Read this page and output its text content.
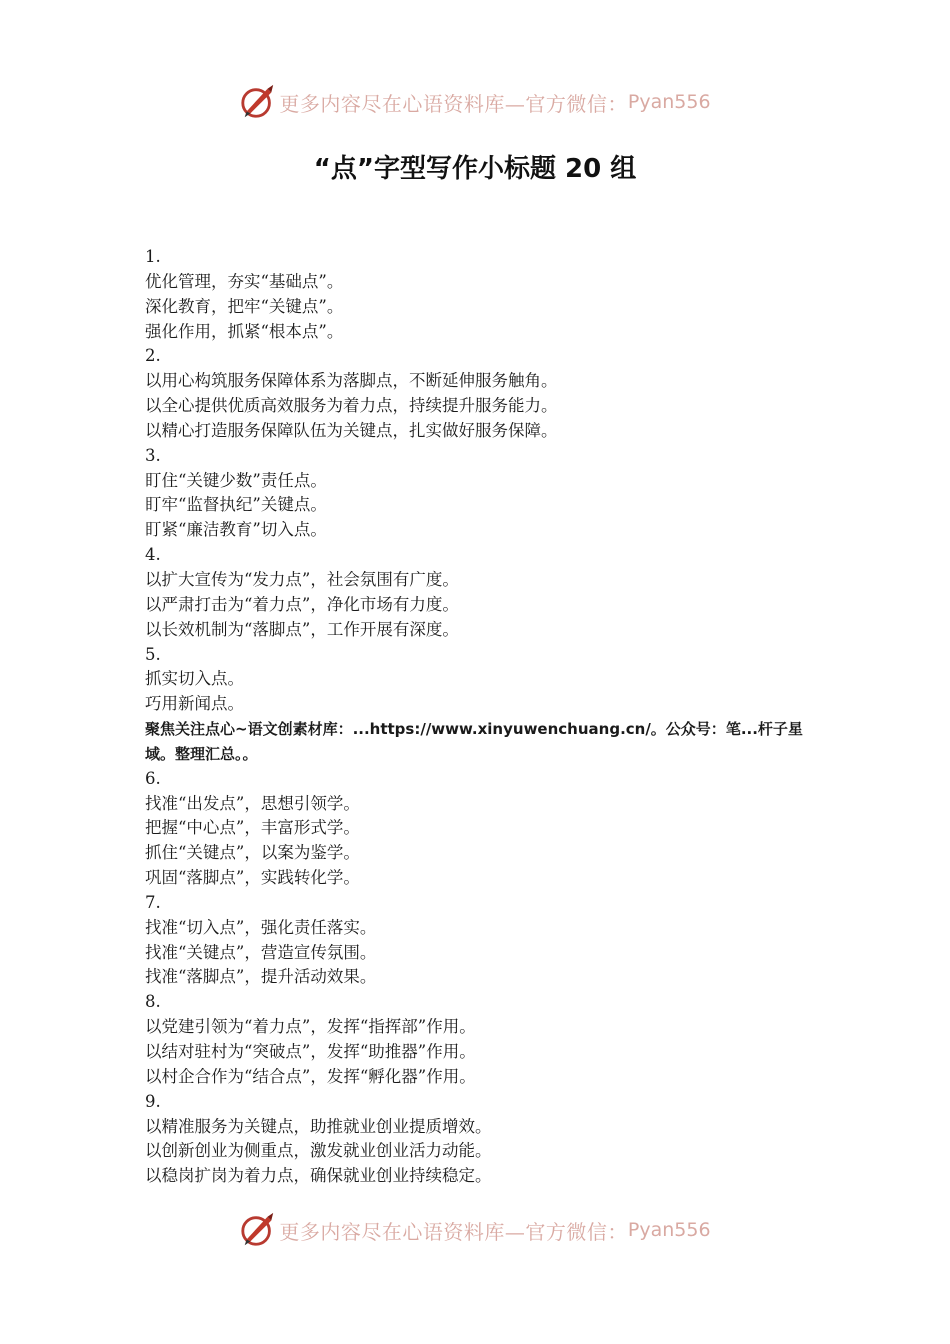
更多内容尽在心语资料库—官方微信： Pyan556
“点”字型写作小标题 20 组
1.
优化管理，夯实“基础点”。
深化教育，把牢“关键点”。
强化作用，抓紧“根本点”。
2.
以用心构筑服务保障体系为落脚点，不断延伸服务触角。
以全心提供优质高效服务为着力点，持续提升服务能力。
以精心打造服务保障队伍为关键点，扎实做好服务保障。
3.
盯住“关键少数”责任点。
盯牢“监督执纪”关键点。
盯紧“廉洁教育”切入点。
4.
以扩大宣传为“发力点”，社会氛围有广度。
以严肃打击为“着力点”，净化市场有力度。
以长效机制为“落脚点”，工作开展有深度。
5.
抓实切入点。
巧用新闻点。
聚焦关注点心~语文创素材库：...https://www.xinyuwenchuang.cn/。公众号：笔...杆子星域。整理汇总。。
6.
找准“出发点”，思想引领学。
把握“中心点”，丰富形式学。
抓住“关键点”，以案为鉴学。
巩固“落脚点”，实践转化学。
7.
找准“切入点”，强化责任落实。
找准“关键点”，营造宣传氛围。
找准“落脚点”，提升活动效果。
8.
以党建引领为“着力点”，发挥“指挥部”作用。
以结对驻村为“突破点”，发挥“助推器”作用。
以村企合作为“结合点”，发挥“孵化器”作用。
9.
以精准服务为关键点，助推就业创业提质增效。
以创新创业为侧重点，激发就业创业活力动能。
以稳岗扩岗为着力点，确保就业创业持续稳定。
更多内容尽在心语资料库—官方微信： Pyan556
